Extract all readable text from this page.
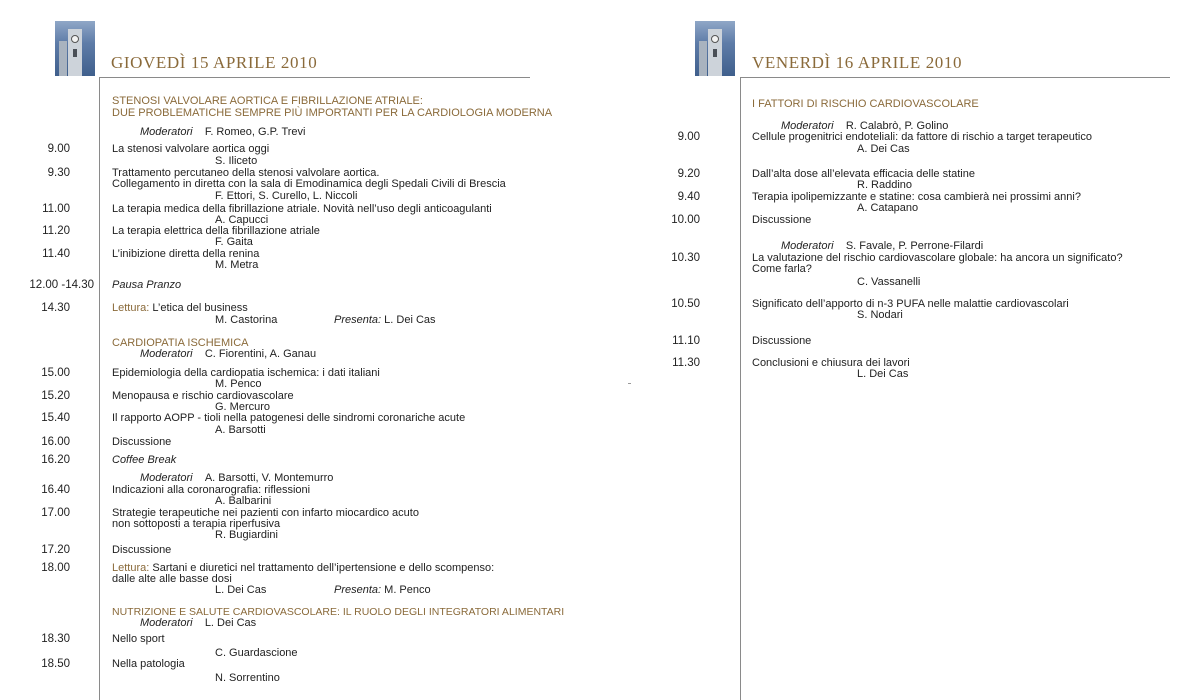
GIOVEDÌ 15 APRILE 2010
STENOSI VALVOLARE AORTICA E FIBRILLAZIONE ATRIALE:
DUE PROBLEMATICHE SEMPRE PIÙ IMPORTANTI PER LA CARDIOLOGIA MODERNA
Moderatori F. Romeo, G.P. Trevi
9.00	La stenosi valvolare aortica oggi
S. Iliceto
9.30	Trattamento percutaneo della stenosi valvolare aortica.
Collegamento in diretta con la sala di Emodinamica degli Spedali Civili di Brescia
F. Ettori, S. Curello, L. Niccoli
11.00	La terapia medica della fibrillazione atriale. Novità nell’uso degli anticoagulanti
A. Capucci
11.20	La terapia elettrica della fibrillazione atriale
F. Gaita
11.40	L’inibizione diretta della renina
M. Metra
12.00 -14.30 Pausa Pranzo
14.30	Lettura: L’etica del business
M. Castorina	Presenta: L. Dei Cas
CARDIOPATIA ISCHEMICA
Moderatori C. Fiorentini, A. Ganau
15.00	Epidemiologia della cardiopatia ischemica: i dati italiani
M. Penco
15.20	Menopausa e rischio cardiovascolare
G. Mercuro
15.40	Il rapporto AOPP - tioli nella patogenesi delle sindromi coronariche acute
A. Barsotti
16.00	Discussione
16.20	Coffee Break
Moderatori A. Barsotti, V. Montemurro
16.40	Indicazioni alla coronarografia: riflessioni
A. Balbarini
17.00	Strategie terapeutiche nei pazienti con infarto miocardico acuto
non sottoposti a terapia riperfusiva
R. Bugiardini
17.20	Discussione
18.00	Lettura: Sartani e diuretici nel trattamento dell’ipertensione e dello scompenso:
dalle alte alle basse dosi
L. Dei Cas	Presenta: M. Penco
NUTRIZIONE E SALUTE CARDIOVASCOLARE: IL RUOLO DEGLI INTEGRATORI ALIMENTARI
Moderatori L. Dei Cas
18.30	Nello sport
C. Guardascione
18.50	Nella patologia
N. Sorrentino
VENERDÌ 16 APRILE 2010
I FATTORI DI RISCHIO CARDIOVASCOLARE
Moderatori R. Calabrò, P. Golino
9.00	Cellule progenitrici endoteliali: da fattore di rischio a target terapeutico
A. Dei Cas
9.20	Dall’alta dose all’elevata efficacia delle statine
R. Raddino
9.40	Terapia ipolipemizzante e statine: cosa cambierà nei prossimi anni?
A. Catapano
10.00	Discussione
Moderatori S. Favale, P. Perrone-Filardi
10.30	La valutazione del rischio cardiovascolare globale: ha ancora un significato?
Come farla?
C. Vassanelli
10.50	Significato dell’apporto di n-3 PUFA nelle malattie cardiovascolari
S. Nodari
11.10	Discussione
11.30	Conclusioni e chiusura dei lavori
L. Dei Cas
